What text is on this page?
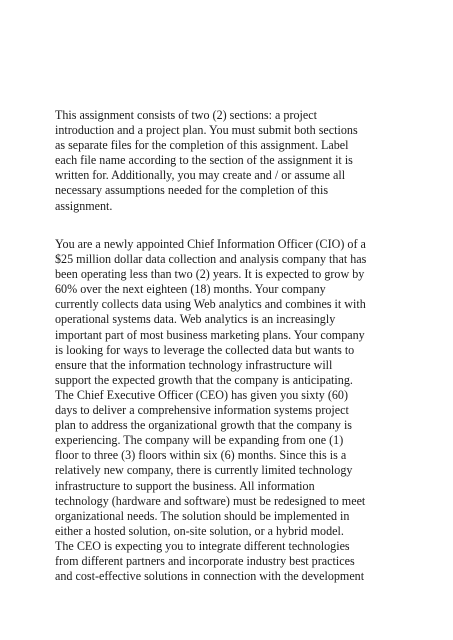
This assignment consists of two (2) sections: a project
introduction and a project plan. You must submit both sections
as separate files for the completion of this assignment. Label
each file name according to the section of the assignment it is
written for. Additionally, you may create and / or assume all
necessary assumptions needed for the completion of this
assignment.

You are a newly appointed Chief Information Officer (CIO) of a
$25 million dollar data collection and analysis company that has
been operating less than two (2) years. It is expected to grow by
60% over the next eighteen (18) months. Your company
currently collects data using Web analytics and combines it with
operational systems data. Web analytics is an increasingly
important part of most business marketing plans. Your company
is looking for ways to leverage the collected data but wants to
ensure that the information technology infrastructure will
support the expected growth that the company is anticipating.
The Chief Executive Officer (CEO) has given you sixty (60)
days to deliver a comprehensive information systems project
plan to address the organizational growth that the company is
experiencing. The company will be expanding from one (1)
floor to three (3) floors within six (6) months. Since this is a
relatively new company, there is currently limited technology
infrastructure to support the business. All information
technology (hardware and software) must be redesigned to meet
organizational needs. The solution should be implemented in
either a hosted solution, on-site solution, or a hybrid model.
The CEO is expecting you to integrate different technologies
from different partners and incorporate industry best practices
and cost-effective solutions in connection with the development
